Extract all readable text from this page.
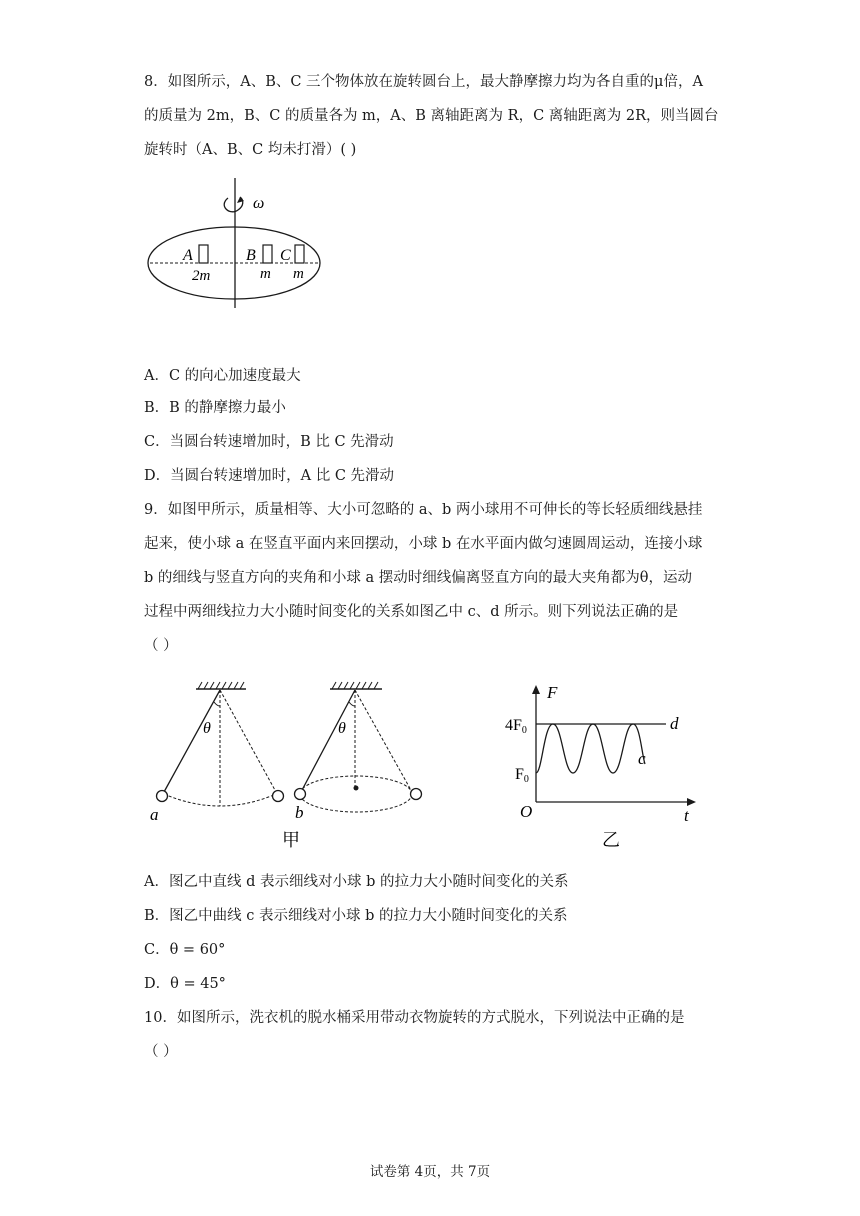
8．如图所示，A、B、C 三个物体放在旋转圆台上，最大静摩擦力均为各自重的μ倍，A
的质量为 2m，B、C 的质量各为 m，A、B 离轴距离为 R，C 离轴距离为 2R，则当圆台
旋转时（A、B、C 均未打滑）( )
ω
A	B C
2m	m m
A．C 的向心加速度最大
B．B 的静摩擦力最小
C．当圆台转速增加时，B 比 C 先滑动
D．当圆台转速增加时，A 比 C 先滑动
9．如图甲所示，质量相等、大小可忽略的 a、b 两小球用不可伸长的等长轻质细线悬挂
起来，使小球 a 在竖直平面内来回摆动，小球 b 在水平面内做匀速圆周运动，连接小球
b 的细线与竖直方向的夹角和小球 a 摆动时细线偏离竖直方向的最大夹角都为θ，运动
过程中两细线拉力大小随时间变化的关系如图乙中 c、d 所示。则下列说法正确的是
（ ）
θ
a
θ
b
甲
F
t
O
d
c
4F0
F0
乙
A．图乙中直线 d 表示细线对小球 b 的拉力大小随时间变化的关系
B．图乙中曲线 c 表示细线对小球 b 的拉力大小随时间变化的关系
C．θ = 60°
D．θ = 45°
10．如图所示，洗衣机的脱水桶采用带动衣物旋转的方式脱水，下列说法中正确的是
（ ）
试卷第 4页，共 7页
